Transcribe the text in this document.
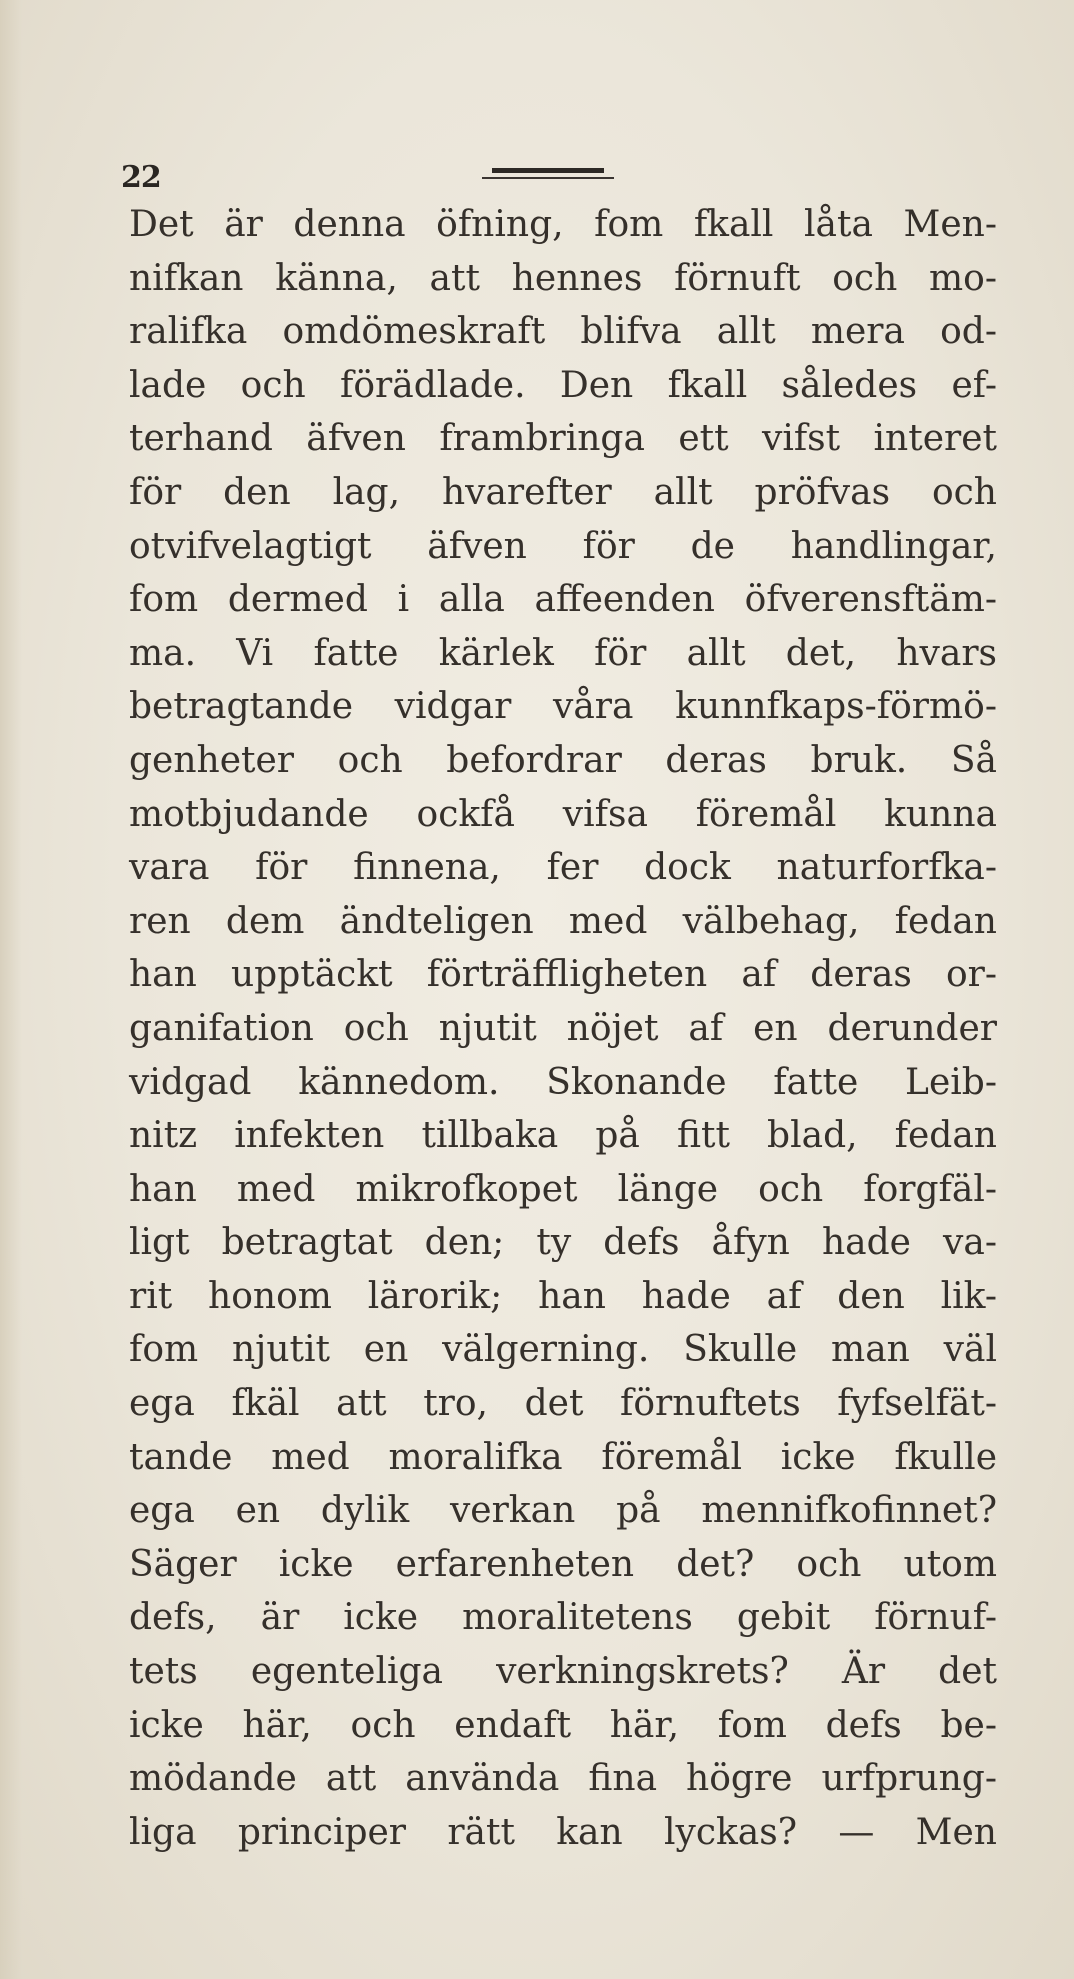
22
Det är denna öfning, fom fkall låta Men-
nifkan känna, att hennes förnuft och mo-
ralifka omdömeskraft blifva allt mera od-
lade och förädlade. Den fkall således ef-
terhand äfven frambringa ett vifst interet
för den lag, hvarefter allt pröfvas och
otvifvelagtigt äfven för de handlingar,
fom dermed i alla affeenden öfverensftäm-
ma. Vi fatte kärlek för allt det, hvars
betragtande vidgar våra kunnfkaps-förmö-
genheter och befordrar deras bruk. Så
motbjudande ockfå vifsa föremål kunna
vara för finnena, fer dock naturforfka-
ren dem ändteligen med välbehag, fedan
han upptäckt förträffligheten af deras or-
ganifation och njutit nöjet af en derunder
vidgad kännedom. Skonande fatte Leib-
nitz infekten tillbaka på fitt blad, fedan
han med mikrofkopet länge och forgfäl-
ligt betragtat den; ty defs åfyn hade va-
rit honom lärorik; han hade af den lik-
fom njutit en välgerning. Skulle man väl
ega fkäl att tro, det förnuftets fyfselfät-
tande med moralifka föremål icke fkulle
ega en dylik verkan på mennifkofinnet?
Säger icke erfarenheten det? och utom
defs, är icke moralitetens gebit förnuf-
tets egenteliga verkningskrets? Är det
icke här, och endaft här, fom defs be-
mödande att använda fina högre urfprung-
liga principer rätt kan lyckas? — Men
